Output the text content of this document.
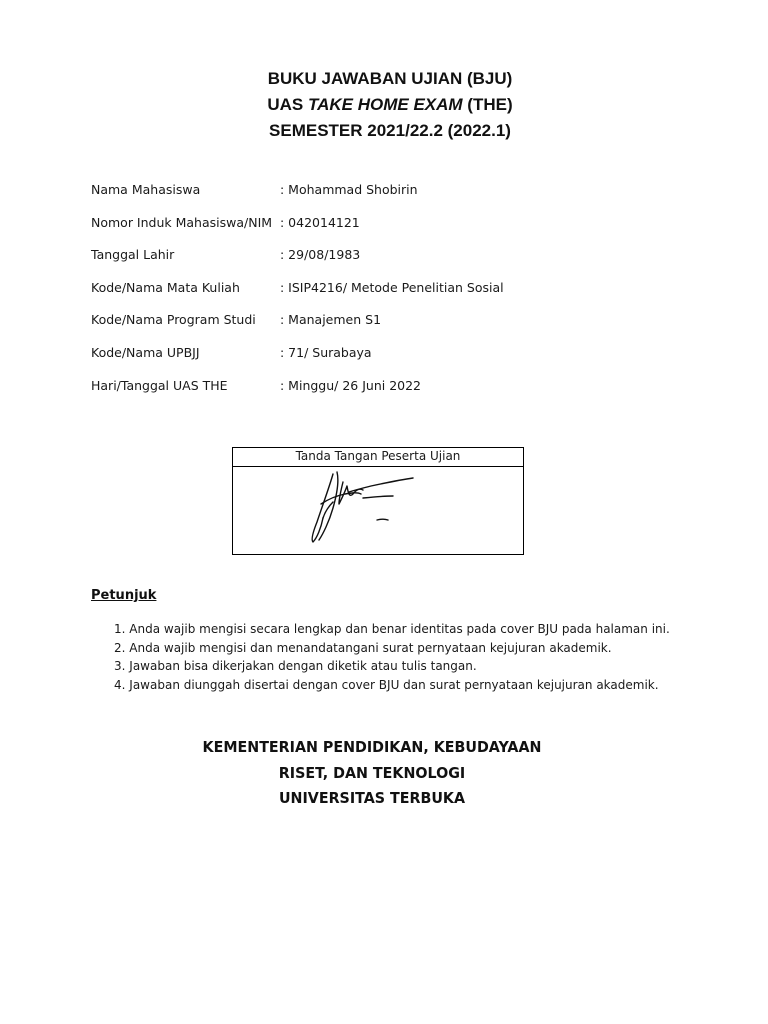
BUKU JAWABAN UJIAN (BJU)
UAS TAKE HOME EXAM (THE)
SEMESTER 2021/22.2 (2022.1)
Nama Mahasiswa	: Mohammad Shobirin
Nomor Induk Mahasiswa/NIM : 042014121
Tanggal Lahir	: 29/08/1983
Kode/Nama Mata Kuliah	: ISIP4216/ Metode Penelitian Sosial
Kode/Nama Program Studi : Manajemen S1
Kode/Nama UPBJJ	: 71/ Surabaya
Hari/Tanggal UAS THE	: Minggu/ 26 Juni 2022
Tanda Tangan Peserta Ujian
Petunjuk
1. Anda wajib mengisi secara lengkap dan benar identitas pada cover BJU pada halaman ini.
2. Anda wajib mengisi dan menandatangani surat pernyataan kejujuran akademik.
3. Jawaban bisa dikerjakan dengan diketik atau tulis tangan.
4. Jawaban diunggah disertai dengan cover BJU dan surat pernyataan kejujuran akademik.
KEMENTERIAN PENDIDIKAN, KEBUDAYAAN
RISET, DAN TEKNOLOGI
UNIVERSITAS TERBUKA
